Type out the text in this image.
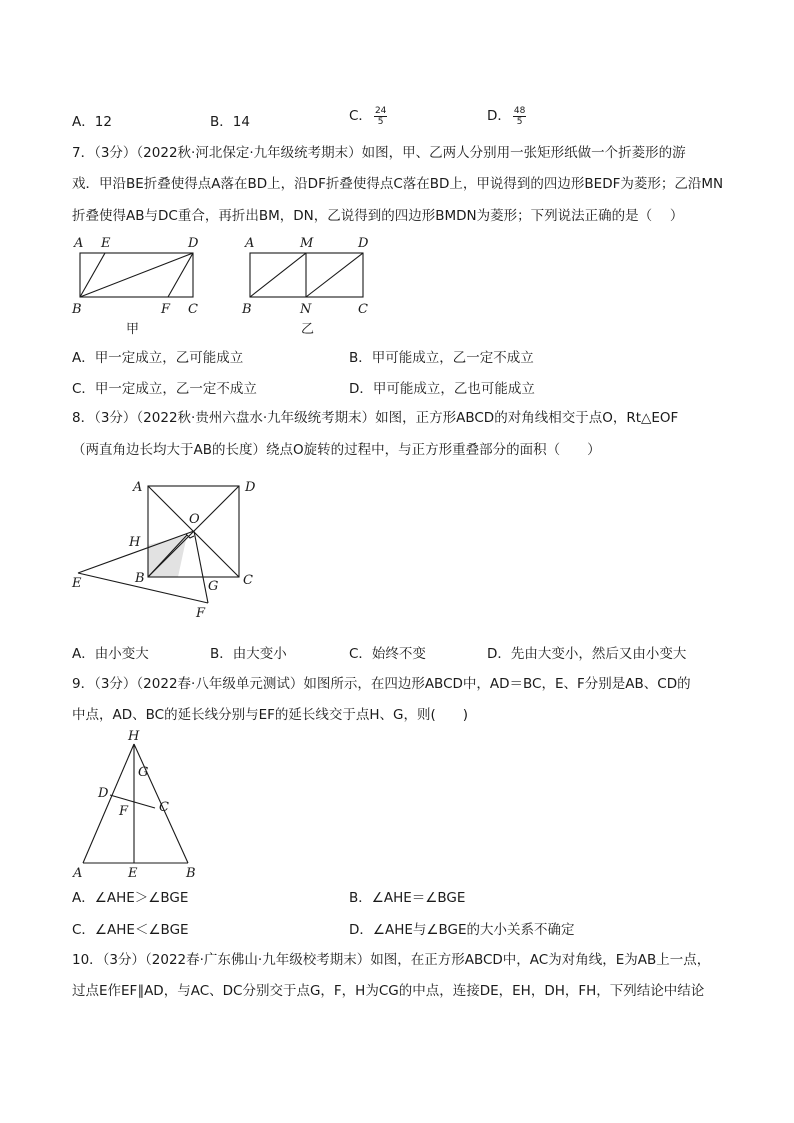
A．12	B．14	C． $\frac{24}{5}$	D． $\frac{48}{5}$
7．（3分）（2022秋·河北保定·九年级统考期末）如图，甲、乙两人分别用一张矩形纸做一个折菱形的游
戏．甲沿BE折叠使得点A落在BD上，沿DF折叠使得点C落在BD上，甲说得到的四边形BEDF为菱形；乙沿MN
折叠使得AB与DC重合，再折出BM，DN，乙说得到的四边形BMDN为菱形；下列说法正确的是（　 ）
A E	D
B	F C
甲
A	M	D
B	N	C
乙
A．甲一定成立，乙可能成立	B．甲可能成立，乙一定不成立
C．甲一定成立，乙一定不成立	D．甲可能成立，乙也可能成立
8．（3分）（2022秋·贵州六盘水·九年级统考期末）如图，正方形ABCD的对角线相交于点O，Rt△EOF
（两直角边长均大于AB的长度）绕点O旋转的过程中，与正方形重叠部分的面积（　　）
A	D
O
H
E	B
G C
F
A．由小变大	B．由大变小	C．始终不变	D．先由大变小，然后又由小变大
9．（3分）（2022春·八年级单元测试）如图所示，在四边形ABCD中，AD＝BC，E、F分别是AB、CD的
中点，AD、BC的延长线分别与EF的延长线交于点H、G，则(　　)
H
G
D
F C
A	E	B
A．∠AHE＞∠BGE	B．∠AHE＝∠BGE
C．∠AHE＜∠BGE	D．∠AHE与∠BGE的大小关系不确定
10．（3分）（2022春·广东佛山·九年级校考期末）如图，在正方形ABCD中，AC为对角线，E为AB上一点，
过点E作EF∥AD，与AC、DC分别交于点G，F，H为CG的中点，连接DE，EH，DH，FH，下列结论中结论
